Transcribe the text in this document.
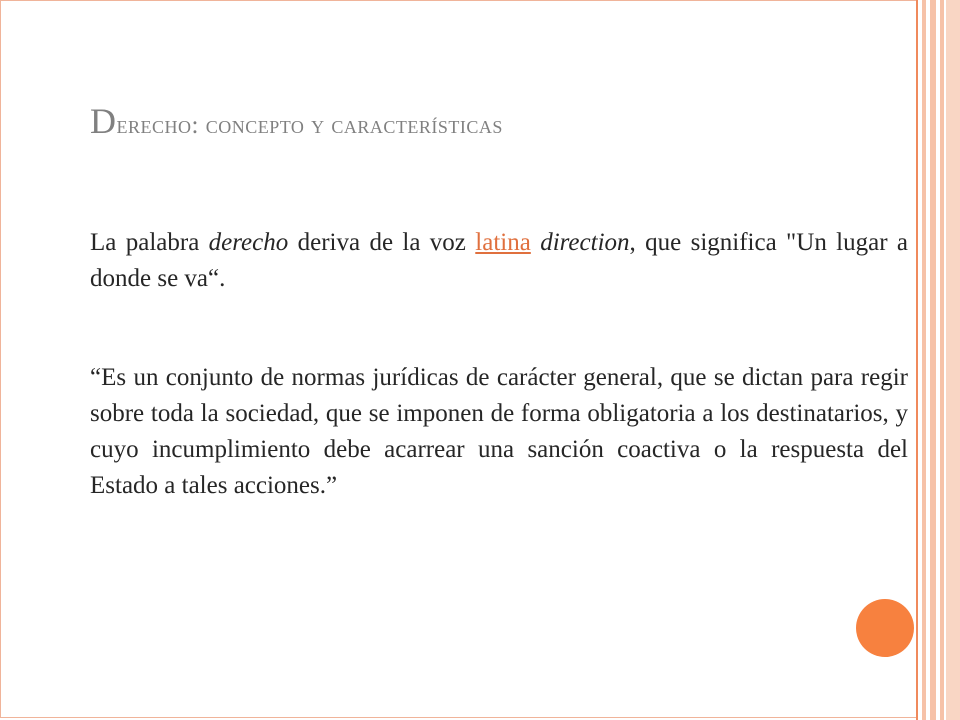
Derecho: concepto y características

La palabra derecho deriva de la voz latina direction, que significa "Un lugar a donde se va“.

“Es un conjunto de normas jurídicas de carácter general, que se dictan para regir sobre toda la sociedad, que se imponen de forma obligatoria a los destinatarios, y cuyo incumplimiento debe acarrear una sanción coactiva o la respuesta del Estado a tales acciones.”
